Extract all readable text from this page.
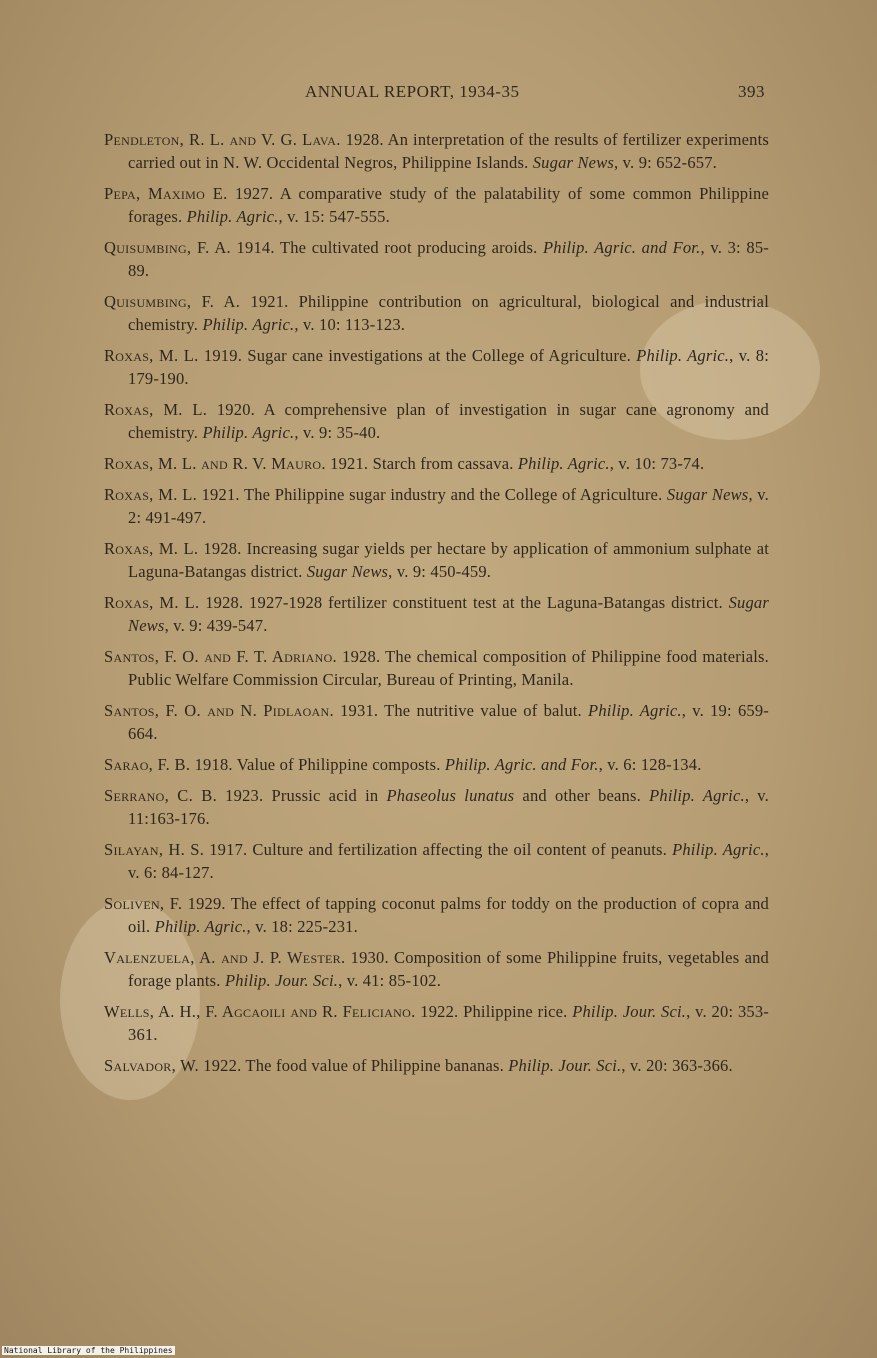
ANNUAL REPORT, 1934-35	393

Pendleton, R. L. and V. G. Lava. 1928. An interpretation of the results of fertilizer experiments carried out in N. W. Occidental Negros, Philippine Islands. Sugar News, v. 9: 652-657.

Pepa, Maximo E. 1927. A comparative study of the palatability of some common Philippine forages. Philip. Agric., v. 15: 547-555.

Quisumbing, F. A. 1914. The cultivated root producing aroids. Philip. Agric. and For., v. 3: 85-89.

Quisumbing, F. A. 1921. Philippine contribution on agricultural, biological and industrial chemistry. Philip. Agric., v. 10: 113-123.

Roxas, M. L. 1919. Sugar cane investigations at the College of Agriculture. Philip. Agric., v. 8: 179-190.

Roxas, M. L. 1920. A comprehensive plan of investigation in sugar cane agronomy and chemistry. Philip. Agric., v. 9: 35-40.

Roxas, M. L. and R. V. Mauro. 1921. Starch from cassava. Philip. Agric., v. 10: 73-74.

Roxas, M. L. 1921. The Philippine sugar industry and the College of Agriculture. Sugar News, v. 2: 491-497.

Roxas, M. L. 1928. Increasing sugar yields per hectare by application of ammonium sulphate at Laguna-Batangas district. Sugar News, v. 9: 450-459.

Roxas, M. L. 1928. 1927-1928 fertilizer constituent test at the Laguna-Batangas district. Sugar News, v. 9: 439-547.

Santos, F. O. and F. T. Adriano. 1928. The chemical composition of Philippine food materials. Public Welfare Commission Circular, Bureau of Printing, Manila.

Santos, F. O. and N. Pidlaoan. 1931. The nutritive value of balut. Philip. Agric., v. 19: 659-664.

Sarao, F. B. 1918. Value of Philippine composts. Philip. Agric. and For., v. 6: 128-134.

Serrano, C. B. 1923. Prussic acid in Phaseolus lunatus and other beans. Philip. Agric., v. 11:163-176.

Silayan, H. S. 1917. Culture and fertilization affecting the oil content of peanuts. Philip. Agric., v. 6: 84-127.

Soliven, F. 1929. The effect of tapping coconut palms for toddy on the production of copra and oil. Philip. Agric., v. 18: 225-231.

Valenzuela, A. and J. P. Wester. 1930. Composition of some Philippine fruits, vegetables and forage plants. Philip. Jour. Sci., v. 41: 85-102.

Wells, A. H., F. Agcaoili and R. Feliciano. 1922. Philippine rice. Philip. Jour. Sci., v. 20: 353-361.

Salvador, W. 1922. The food value of Philippine bananas. Philip. Jour. Sci., v. 20: 363-366.

National Library of the Philippines
